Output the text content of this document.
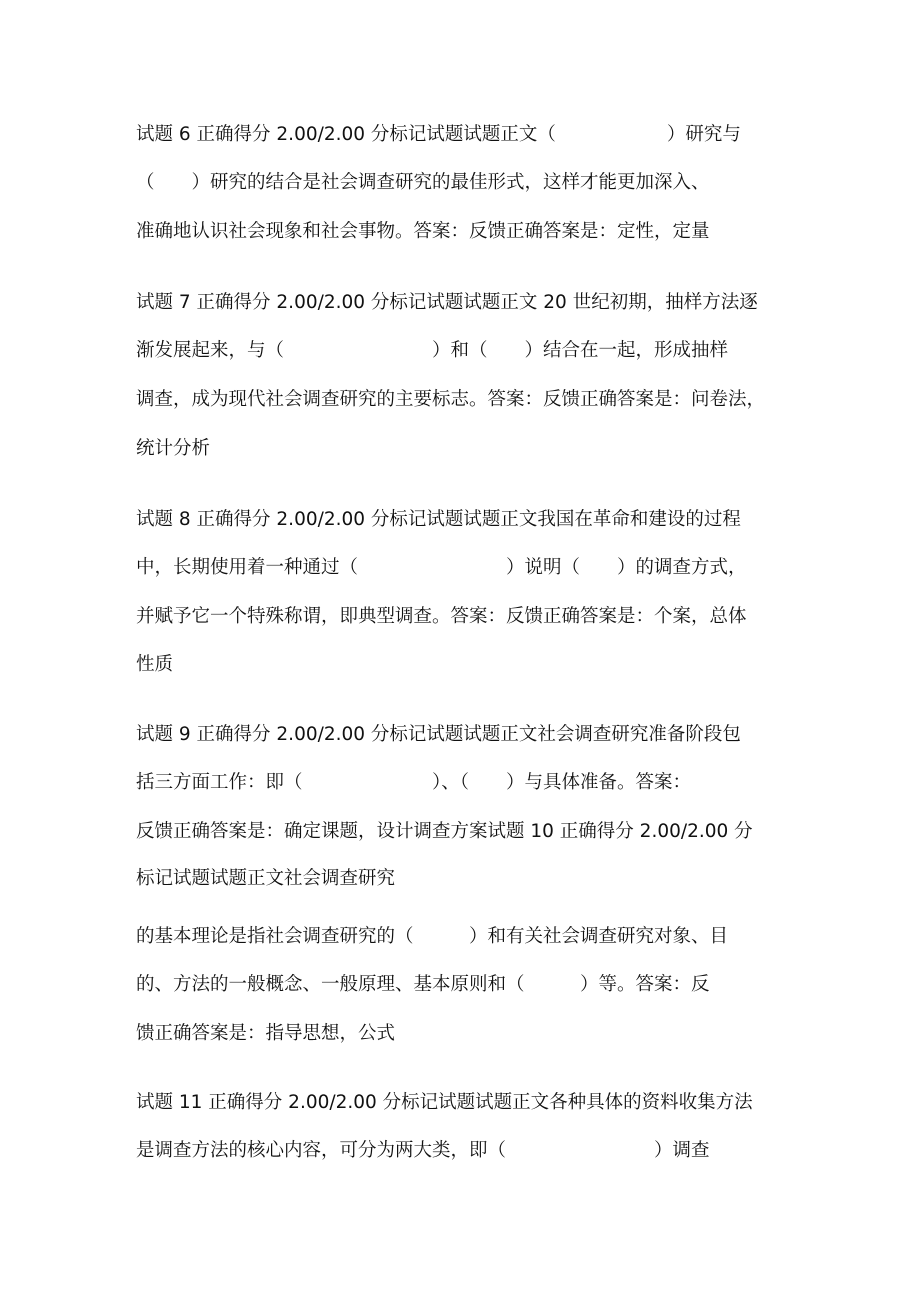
试题 6 正确得分 2.00/2.00 分标记试题试题正文（　　　　　　）研究与
（　　）研究的结合是社会调查研究的最佳形式，这样才能更加深入、
准确地认识社会现象和社会事物。答案：反馈正确答案是：定性，定量
试题 7 正确得分 2.00/2.00 分标记试题试题正文 20 世纪初期，抽样方法逐
渐发展起来，与（　　　　　　　　）和（　　）结合在一起，形成抽样
调查，成为现代社会调查研究的主要标志。答案：反馈正确答案是：问卷法，
统计分析
试题 8 正确得分 2.00/2.00 分标记试题试题正文我国在革命和建设的过程
中，长期使用着一种通过（　　　　　　　　）说明（　　）的调查方式，
并赋予它一个特殊称谓，即典型调查。答案：反馈正确答案是：个案，总体
性质
试题 9 正确得分 2.00/2.00 分标记试题试题正文社会调查研究准备阶段包
括三方面工作：即（　　　　　　　）、（　　）与具体准备。答案：
反馈正确答案是：确定课题，设计调查方案试题 10 正确得分 2.00/2.00 分
标记试题试题正文社会调查研究
的基本理论是指社会调查研究的（　　　）和有关社会调查研究对象、目
的、方法的一般概念、一般原理、基本原则和（　　　）等。答案：反
馈正确答案是：指导思想，公式
试题 11 正确得分 2.00/2.00 分标记试题试题正文各种具体的资料收集方法
是调查方法的核心内容，可分为两大类，即（　　　　　　　　）调查
